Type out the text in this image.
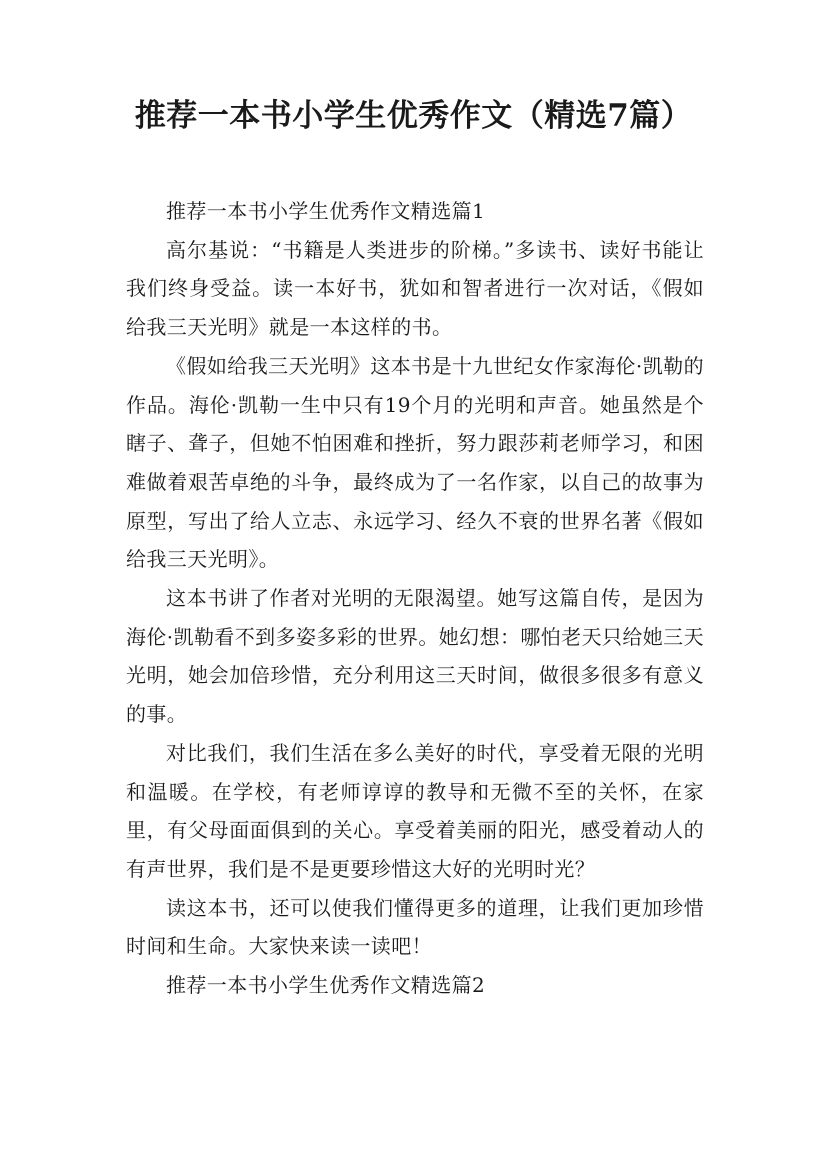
推荐一本书小学生优秀作文（精选7篇）

推荐一本书小学生优秀作文精选篇1

高尔基说：“书籍是人类进步的阶梯。”多读书、读好书能让我们终身受益。读一本好书，犹如和智者进行一次对话，《假如给我三天光明》就是一本这样的书。

《假如给我三天光明》这本书是十九世纪女作家海伦·凯勒的作品。海伦·凯勒一生中只有19个月的光明和声音。她虽然是个瞎子、聋子，但她不怕困难和挫折，努力跟莎莉老师学习，和困难做着艰苦卓绝的斗争，最终成为了一名作家，以自己的故事为原型，写出了给人立志、永远学习、经久不衰的世界名著《假如给我三天光明》。

这本书讲了作者对光明的无限渴望。她写这篇自传，是因为海伦·凯勒看不到多姿多彩的世界。她幻想：哪怕老天只给她三天光明，她会加倍珍惜，充分利用这三天时间，做很多很多有意义的事。

对比我们，我们生活在多么美好的时代，享受着无限的光明和温暖。在学校，有老师谆谆的教导和无微不至的关怀，在家里，有父母面面俱到的关心。享受着美丽的阳光，感受着动人的有声世界，我们是不是更要珍惜这大好的光明时光？

读这本书，还可以使我们懂得更多的道理，让我们更加珍惜时间和生命。大家快来读一读吧！

推荐一本书小学生优秀作文精选篇2
